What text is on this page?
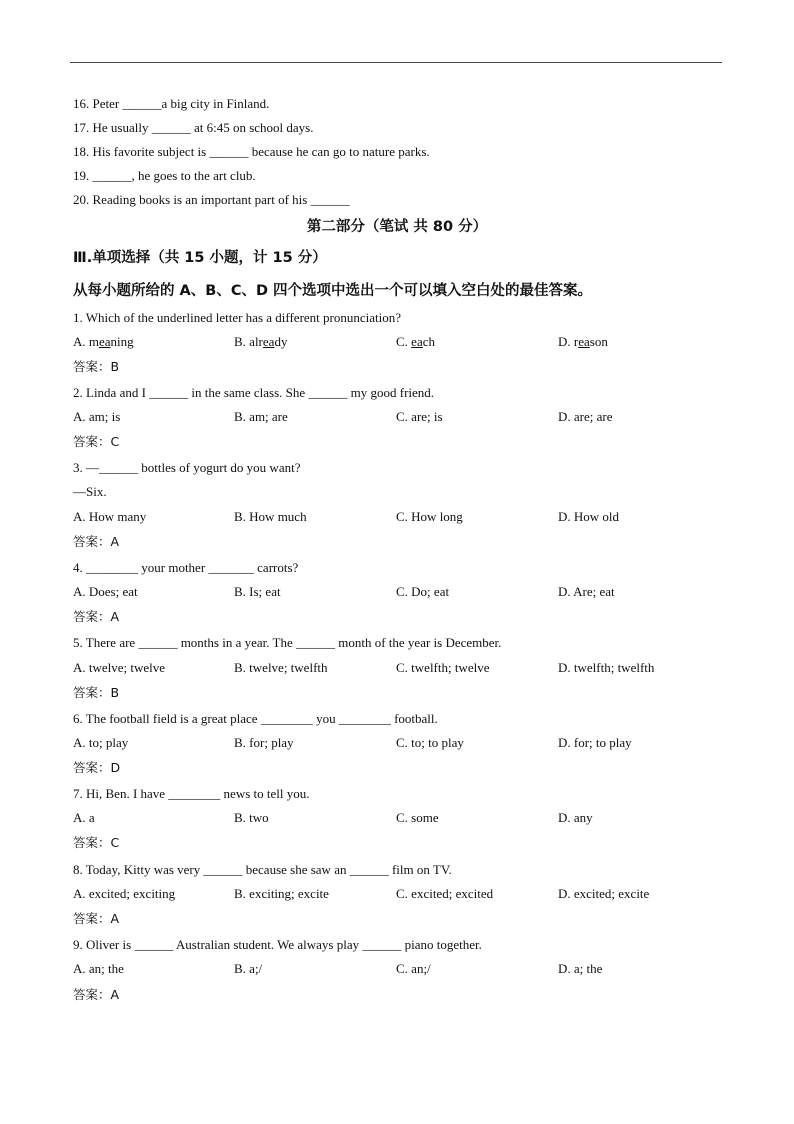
16. Peter ______a big city in Finland.
17. He usually ______ at 6:45 on school days.
18. His favorite subject is ______ because he can go to nature parks.
19. ______, he goes to the art club.
20. Reading books is an important part of his ______
第二部分（笔试 共 80 分）
Ⅲ.单项选择（共 15 小题，计 15 分）
从每小题所给的 A、B、C、D 四个选项中选出一个可以填入空白处的最佳答案。
1. Which of the underlined letter has a different pronunciation?
A. meaning	B. already	C. each	D. reason
答案：B
2. Linda and I ______ in the same class. She ______ my good friend.
A. am; is	B. am; are	C. are; is	D. are; are
答案：C
3. —______ bottles of yogurt do you want?
—Six.
A. How many	B. How much	C. How long	D. How old
答案：A
4. ________ your mother _______ carrots?
A. Does; eat	B. Is; eat	C. Do; eat	D. Are; eat
答案：A
5. There are ______ months in a year. The ______ month of the year is December.
A. twelve; twelve	B. twelve; twelfth	C. twelfth; twelve	D. twelfth; twelfth
答案：B
6. The football field is a great place ________ you ________ football.
A. to; play	B. for; play	C. to; to play	D. for; to play
答案：D
7. Hi, Ben. I have ________ news to tell you.
A. a	B. two	C. some	D. any
答案：C
8. Today, Kitty was very ______ because she saw an ______ film on TV.
A. excited; exciting	B. exciting; excite	C. excited; excited	D. excited; excite
答案：A
9. Oliver is ______ Australian student. We always play ______ piano together.
A. an; the	B. a;/	C. an;/	D. a; the
答案：A
